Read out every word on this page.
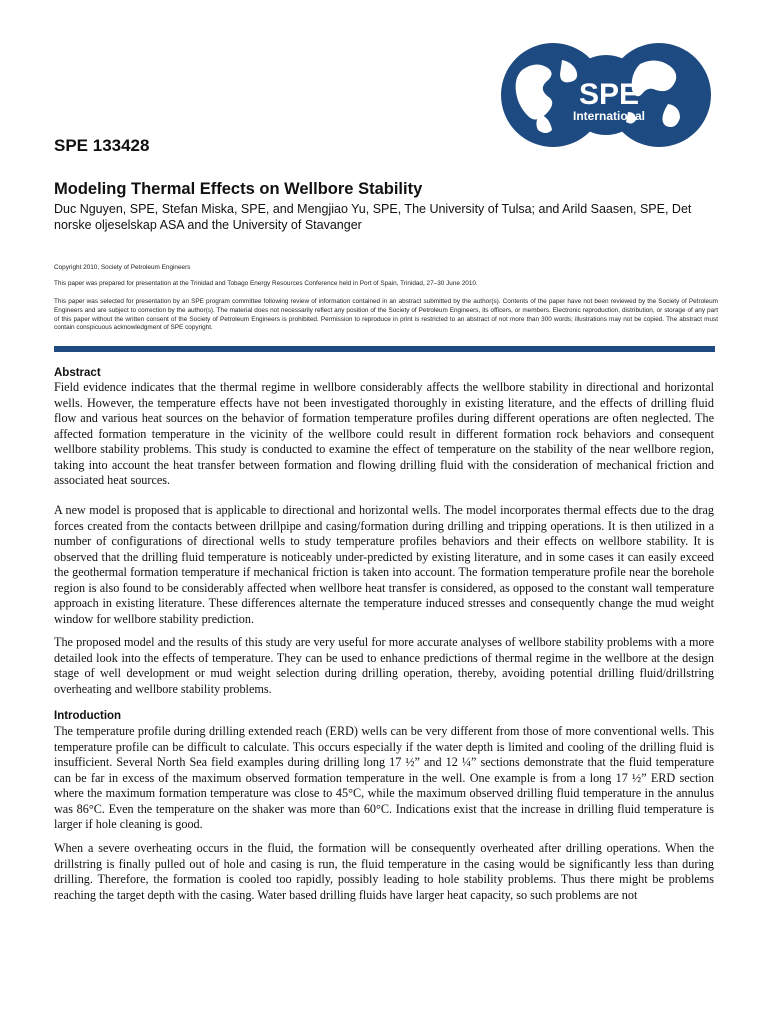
SPE
International
SPE 133428
Modeling Thermal Effects on Wellbore Stability

Duc Nguyen, SPE, Stefan Miska, SPE, and Mengjiao Yu, SPE, The University of Tulsa; and Arild Saasen, SPE, Det norske oljeselskap ASA and the University of Stavanger

Copyright 2010, Society of Petroleum Engineers

This paper was prepared for presentation at the Trinidad and Tobago Energy Resources Conference held in Port of Spain, Trinidad, 27–30 June 2010.

This paper was selected for presentation by an SPE program committee following review of information contained in an abstract submitted by the author(s). Contents of the paper have not been reviewed by the Society of Petroleum Engineers and are subject to correction by the author(s). The material does not necessarily reflect any position of the Society of Petroleum Engineers, its officers, or members. Electronic reproduction, distribution, or storage of any part of this paper without the written consent of the Society of Petroleum Engineers is prohibited. Permission to reproduce in print is restricted to an abstract of not more than 300 words; illustrations may not be copied. The abstract must contain conspicuous acknowledgment of SPE copyright.

Abstract

Field evidence indicates that the thermal regime in wellbore considerably affects the wellbore stability in directional and horizontal wells. However, the temperature effects have not been investigated thoroughly in existing literature, and the effects of drilling fluid flow and various heat sources on the behavior of formation temperature profiles during different operations are often neglected. The affected formation temperature in the vicinity of the wellbore could result in different formation rock behaviors and consequent wellbore stability problems. This study is conducted to examine the effect of temperature on the stability of the near wellbore region, taking into account the heat transfer between formation and flowing drilling fluid with the consideration of mechanical friction and associated heat sources.

A new model is proposed that is applicable to directional and horizontal wells. The model incorporates thermal effects due to the drag forces created from the contacts between drillpipe and casing/formation during drilling and tripping operations. It is then utilized in a number of configurations of directional wells to study temperature profiles behaviors and their effects on wellbore stability. It is observed that the drilling fluid temperature is noticeably under-predicted by existing literature, and in some cases it can easily exceed the geothermal formation temperature if mechanical friction is taken into account. The formation temperature profile near the borehole region is also found to be considerably affected when wellbore heat transfer is considered, as opposed to the constant wall temperature approach in existing literature. These differences alternate the temperature induced stresses and consequently change the mud weight window for wellbore stability prediction.

The proposed model and the results of this study are very useful for more accurate analyses of wellbore stability problems with a more detailed look into the effects of temperature. They can be used to enhance predictions of thermal regime in the wellbore at the design stage of well development or mud weight selection during drilling operation, thereby, avoiding potential drilling fluid/drillstring overheating and wellbore stability problems.

Introduction

The temperature profile during drilling extended reach (ERD) wells can be very different from those of more conventional wells. This temperature profile can be difficult to calculate. This occurs especially if the water depth is limited and cooling of the drilling fluid is insufficient. Several North Sea field examples during drilling long 17 ½” and 12 ¼” sections demonstrate that the fluid temperature can be far in excess of the maximum observed formation temperature in the well. One example is from a long 17 ½” ERD section where the maximum formation temperature was close to 45°C, while the maximum observed drilling fluid temperature in the annulus was 86°C. Even the temperature on the shaker was more than 60°C. Indications exist that the increase in drilling fluid temperature is larger if hole cleaning is good.

When a severe overheating occurs in the fluid, the formation will be consequently overheated after drilling operations. When the drillstring is finally pulled out of hole and casing is run, the fluid temperature in the casing would be significantly less than during drilling. Therefore, the formation is cooled too rapidly, possibly leading to hole stability problems. Thus there might be problems reaching the target depth with the casing. Water based drilling fluids have larger heat capacity, so such problems are not
